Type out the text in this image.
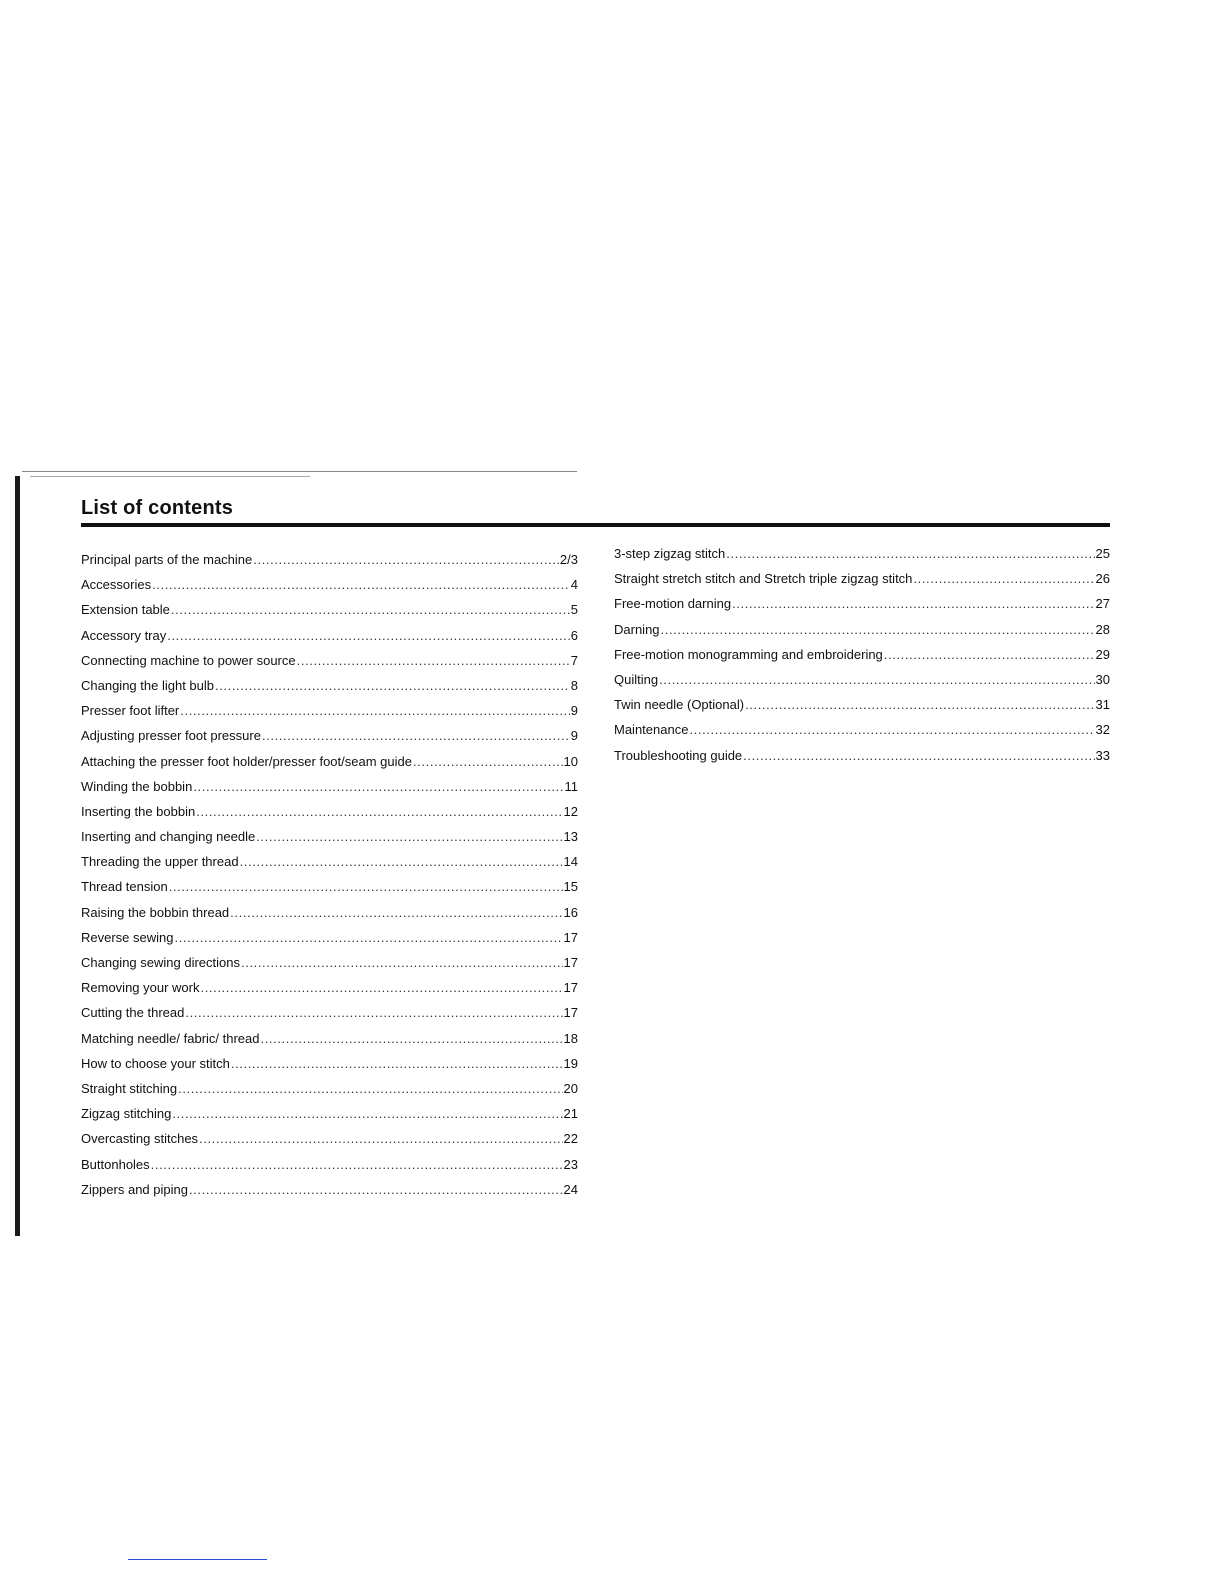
List of contents
Principal parts of the machine .....	2/3
Accessories .....	4
Extension table .....	5
Accessory tray .....	6
Connecting machine to power source .....	7
Changing the light bulb .....	8
Presser foot lifter .....	9
Adjusting presser foot pressure .....	9
Attaching the presser foot holder/presser foot/seam guide .....	10
Winding the bobbin .....	11
Inserting the bobbin .....	12
Inserting and changing needle .....	13
Threading the upper thread .....	14
Thread tension .....	15
Raising the bobbin thread .....	16
Reverse sewing .....	17
Changing sewing directions .....	17
Removing your work .....	17
Cutting the thread .....	17
Matching needle/ fabric/ thread .....	18
How to choose your stitch .....	19
Straight stitching .....	20
Zigzag stitching .....	21
Overcasting stitches .....	22
Buttonholes .....	23
Zippers and piping .....	24
3-step zigzag stitch .....	25
Straight stretch stitch and Stretch triple zigzag stitch .....	26
Free-motion darning .....	27
Darning .....	28
Free-motion monogramming and embroidering .....	29
Quilting .....	30
Twin needle (Optional) .....	31
Maintenance .....	32
Troubleshooting guide .....	33
